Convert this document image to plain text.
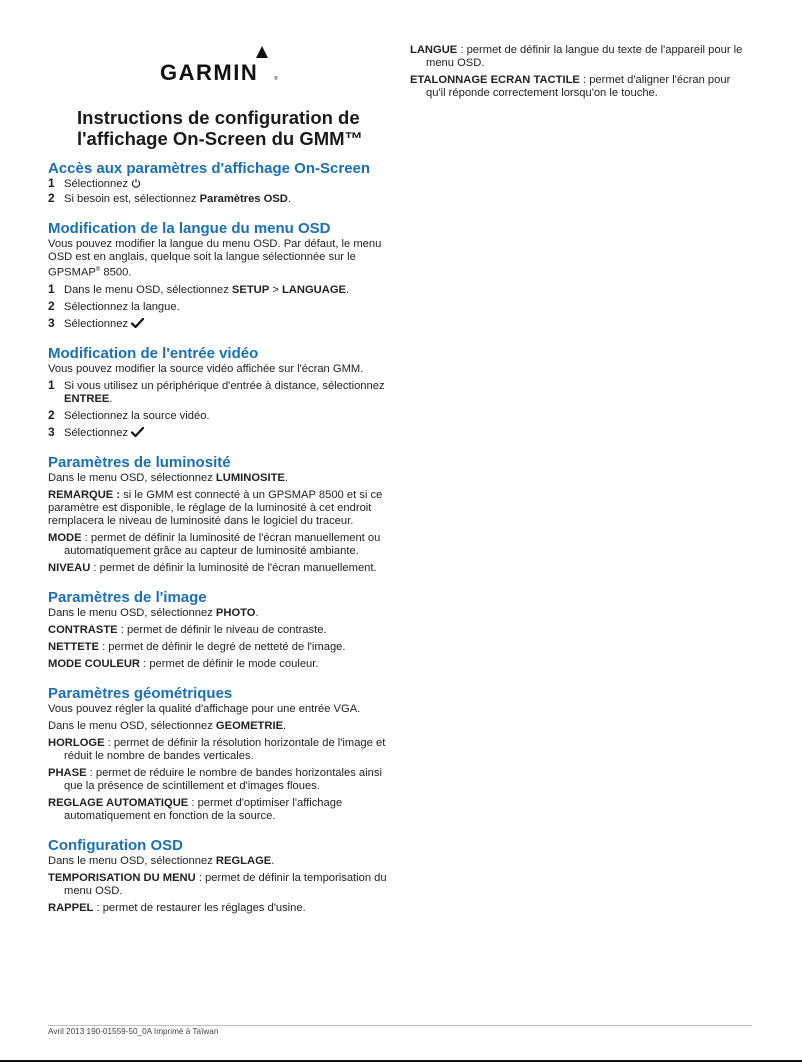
GARMIN	®
Instructions de configuration de l'affichage On-Screen du GMM™
Accès aux paramètres d'affichage On-Screen
1 Sélectionnez
2 Si besoin est, sélectionnez Paramètres OSD.
Modification de la langue du menu OSD

Vous pouvez modifier la langue du menu OSD. Par défaut, le menu OSD est en anglais, quelque soit la langue sélectionnée sur le GPSMAP® 8500.

1 Dans le menu OSD, sélectionnez SETUP > LANGUAGE.
2 Sélectionnez la langue.
3 Sélectionnez
Modification de l'entrée vidéo

Vous pouvez modifier la source vidéo affichée sur l'écran GMM.

1 Si vous utilisez un périphérique d'entrée à distance, sélectionnez ENTREE.
2 Sélectionnez la source vidéo.
3 Sélectionnez
Paramètres de luminosité

Dans le menu OSD, sélectionnez LUMINOSITE.

REMARQUE : si le GMM est connecté à un GPSMAP 8500 et si ce paramètre est disponible, le réglage de la luminosité à cet endroit remplacera le niveau de luminosité dans le logiciel du traceur.

MODE : permet de définir la luminosité de l'écran manuellement ou automatiquement grâce au capteur de luminosité ambiante.

NIVEAU : permet de définir la luminosité de l'écran manuellement.

Paramètres de l'image

Dans le menu OSD, sélectionnez PHOTO.

CONTRASTE : permet de définir le niveau de contraste.

NETTETE : permet de définir le degré de netteté de l'image.

MODE COULEUR : permet de définir le mode couleur.

Paramètres géométriques

Vous pouvez régler la qualité d'affichage pour une entrée VGA.

Dans le menu OSD, sélectionnez GEOMETRIE.

HORLOGE : permet de définir la résolution horizontale de l'image et réduit le nombre de bandes verticales.

PHASE : permet de réduire le nombre de bandes horizontales ainsi que la présence de scintillement et d'images floues.

REGLAGE AUTOMATIQUE : permet d'optimiser l'affichage automatiquement en fonction de la source.

Configuration OSD

Dans le menu OSD, sélectionnez REGLAGE.

TEMPORISATION DU MENU : permet de définir la temporisation du menu OSD.

RAPPEL : permet de restaurer les réglages d'usine.

LANGUE : permet de définir la langue du texte de l'appareil pour le menu OSD.

ETALONNAGE ECRAN TACTILE : permet d'aligner l'écran pour qu'il réponde correctement lorsqu'on le touche.

Avril 2013 190-01559-50_0A Imprimé à Taïwan
